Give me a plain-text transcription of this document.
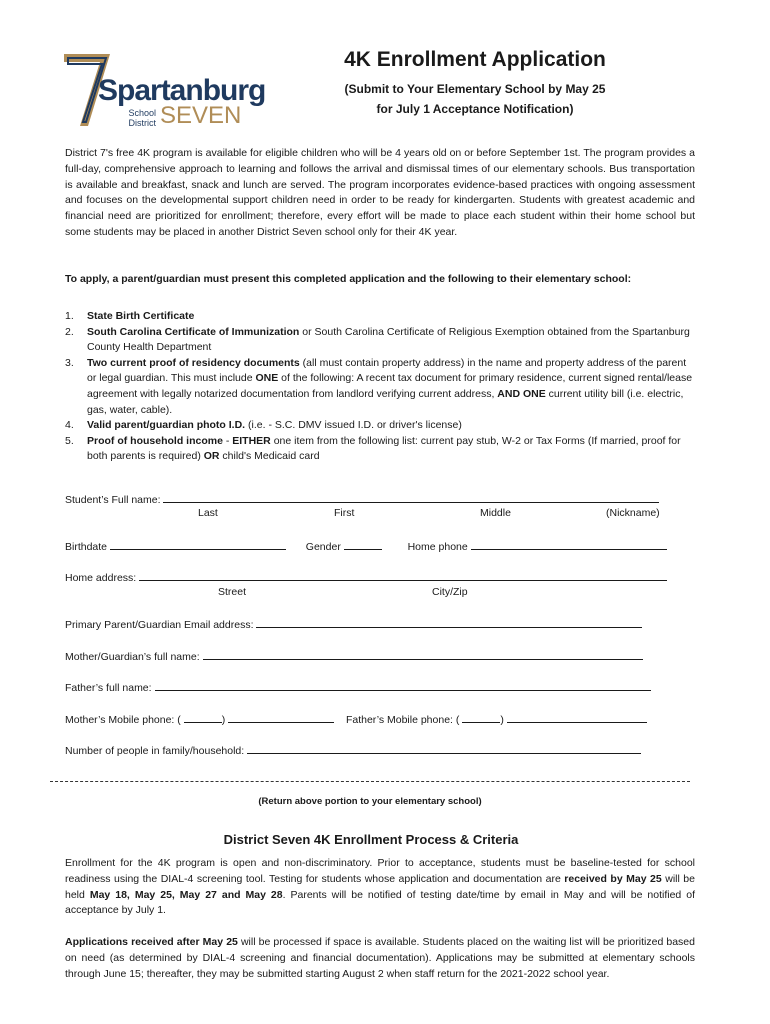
Spartanburg
School District SEVEN
4K Enrollment Application
(Submit to Your Elementary School by May 25
for July 1 Acceptance Notification)

District 7's free 4K program is available for eligible children who will be 4 years old on or before September 1st. The program provides a full-day, comprehensive approach to learning and follows the arrival and dismissal times of our elementary schools. Bus transportation is available and breakfast, snack and lunch are served. The program incorporates evidence-based practices with ongoing assessment and focuses on the developmental support children need in order to be ready for kindergarten. Students with greatest academic and financial need are prioritized for enrollment; therefore, every effort will be made to place each student within their home school but some students may be placed in another District Seven school only for their 4K year.

To apply, a parent/guardian must present this completed application and the following to their elementary school:

1. State Birth Certificate
2. South Carolina Certificate of Immunization or South Carolina Certificate of Religious Exemption obtained from the Spartanburg County Health Department
3. Two current proof of residency documents (all must contain property address) in the name and property address of the parent or legal guardian. This must include ONE of the following: A recent tax document for primary residence, current signed rental/lease agreement with legally notarized documentation from landlord verifying current address, AND ONE current utility bill (i.e. electric, gas, water, cable).
4. Valid parent/guardian photo I.D. (i.e. - S.C. DMV issued I.D. or driver's license)
5. Proof of household income - EITHER one item from the following list: current pay stub, W-2 or Tax Forms (If married, proof for both parents is required) OR child's Medicaid card
Student’s Full name:
Last	First	Middle	(Nickname)
Birthdate	Gender	Home phone
Home address:
Street	City/Zip
Primary Parent/Guardian Email address:
Mother/Guardian’s full name:
Father’s full name:
Mother’s Mobile phone: (	)	Father’s Mobile phone: (	)
Number of people in family/household:
(Return above portion to your elementary school)
District Seven 4K Enrollment Process & Criteria

Enrollment for the 4K program is open and non-discriminatory. Prior to acceptance, students must be baseline-tested for school readiness using the DIAL-4 screening tool. Testing for students whose application and documentation are received by May 25 will be held May 18, May 25, May 27 and May 28. Parents will be notified of testing date/time by email in May and will be notified of acceptance by July 1.

Applications received after May 25 will be processed if space is available. Students placed on the waiting list will be prioritized based on need (as determined by DIAL-4 screening and financial documentation). Applications may be submitted at elementary schools through June 15; thereafter, they may be submitted starting August 2 when staff return for the 2021-2022 school year.
